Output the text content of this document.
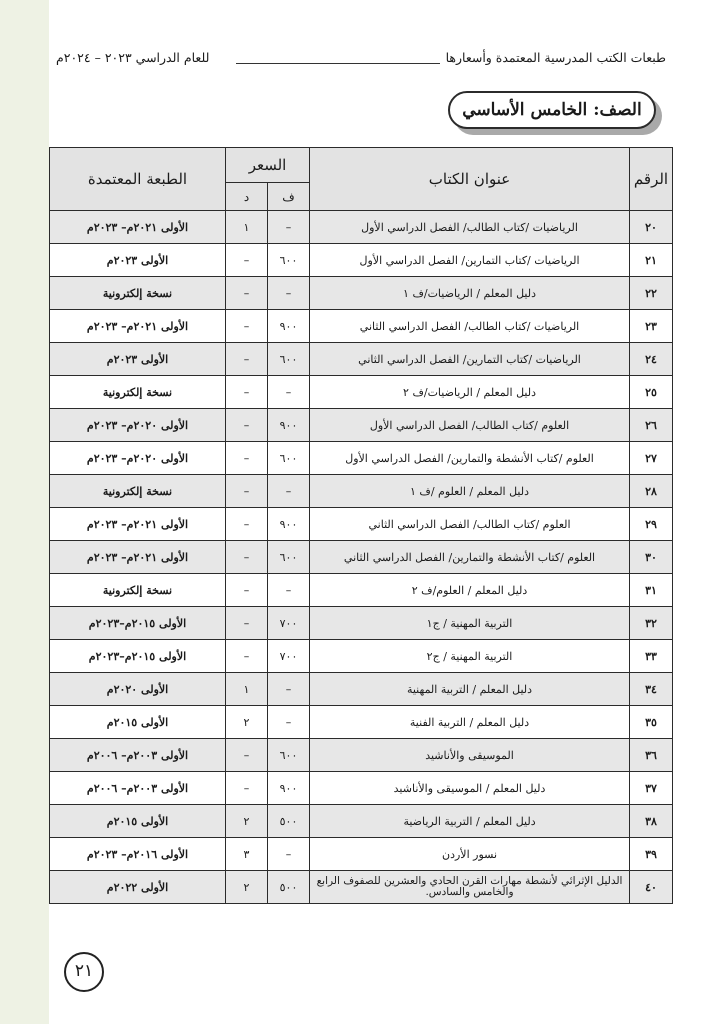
طبعات الكتب المدرسية المعتمدة وأسعارها
للعام الدراسي ٢٠٢٣ – ٢٠٢٤م
الصف: الخامس الأساسي
الرقم	عنوان الكتاب	السعر		الطبعة المعتمدة
		ف	د	
٢٠	الرياضيات /كتاب الطالب/ الفصل الدراسي الأول	–	١	الأولى ٢٠٢١م– ٢٠٢٣م
٢١	الرياضيات /كتاب التمارين/ الفصل الدراسي الأول	٦٠٠	–	الأولى ٢٠٢٣م
٢٢	دليل المعلم / الرياضيات/ف ١	–	–	نسخة إلكترونية
٢٣	الرياضيات /كتاب الطالب/ الفصل الدراسي الثاني	٩٠٠	–	الأولى ٢٠٢١م– ٢٠٢٣م
٢٤	الرياضيات /كتاب التمارين/ الفصل الدراسي الثاني	٦٠٠	–	الأولى ٢٠٢٣م
٢٥	دليل المعلم / الرياضيات/ف ٢	–	–	نسخة إلكترونية
٢٦	العلوم /كتاب الطالب/ الفصل الدراسي الأول	٩٠٠	–	الأولى ٢٠٢٠م– ٢٠٢٣م
٢٧	العلوم /كتاب الأنشطة والتمارين/ الفصل الدراسي الأول	٦٠٠	–	الأولى ٢٠٢٠م– ٢٠٢٣م
٢٨	دليل المعلم / العلوم /ف ١	–	–	نسخة إلكترونية
٢٩	العلوم /كتاب الطالب/ الفصل الدراسي الثاني	٩٠٠	–	الأولى ٢٠٢١م– ٢٠٢٣م
٣٠	العلوم /كتاب الأنشطة والتمارين/ الفصل الدراسي الثاني	٦٠٠	–	الأولى ٢٠٢١م– ٢٠٢٣م
٣١	دليل المعلم / العلوم/ف ٢	–	–	نسخة إلكترونية
٣٢	التربية المهنية / ج١	٧٠٠	–	الأولى ٢٠١٥م–٢٠٢٣م
٣٣	التربية المهنية / ج٢	٧٠٠	–	الأولى ٢٠١٥م–٢٠٢٣م
٣٤	دليل المعلم / التربية المهنية	–	١	الأولى ٢٠٢٠م
٣٥	دليل المعلم / التربية الفنية	–	٢	الأولى ٢٠١٥م
٣٦	الموسيقى والأناشيد	٦٠٠	–	الأولى ٢٠٠٣م– ٢٠٠٦م
٣٧	دليل المعلم / الموسيقى والأناشيد	٩٠٠	–	الأولى ٢٠٠٣م– ٢٠٠٦م
٣٨	دليل المعلم / التربية الرياضية	٥٠٠	٢	الأولى ٢٠١٥م
٣٩	نسور الأردن	–	٣	الأولى ٢٠١٦م– ٢٠٢٣م
٤٠	الدليل الإثرائي لأنشطة مهارات القرن الحادي والعشرين للصفوف الرابع والخامس والسادس.	٥٠٠	٢	الأولى ٢٠٢٢م
٢١
